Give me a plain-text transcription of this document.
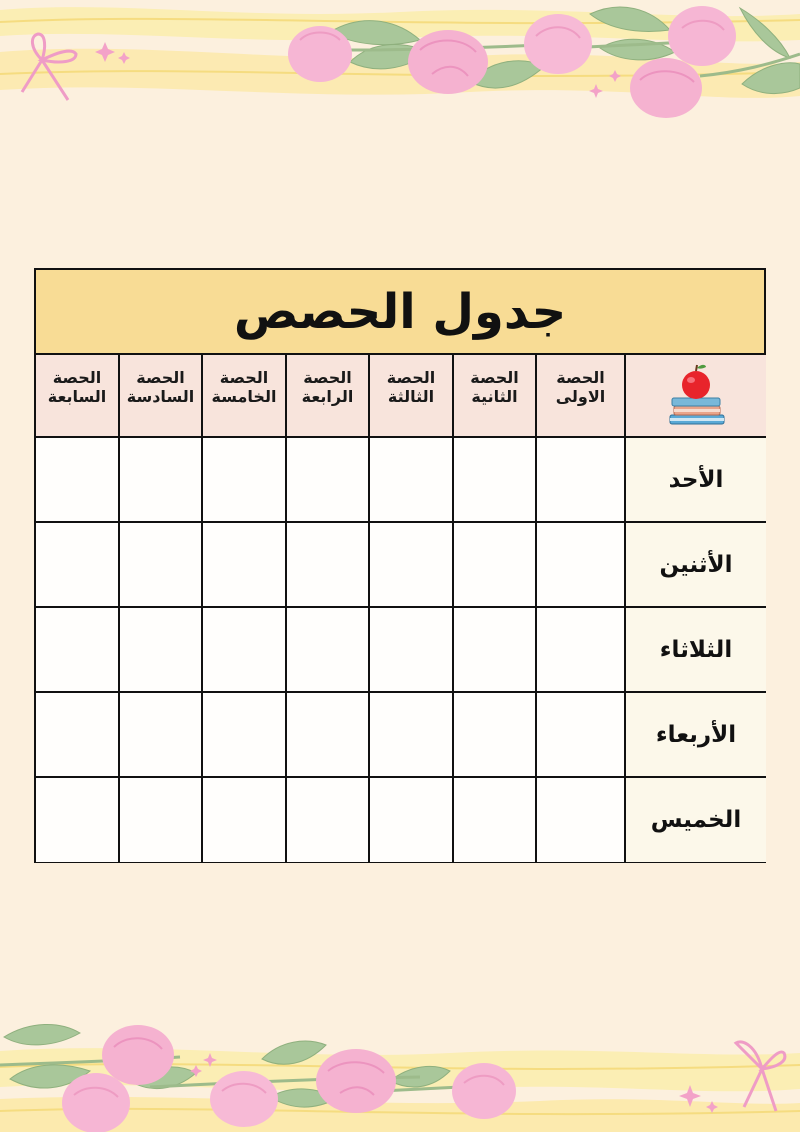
جدول الحصص
الحصة
السابعة
الحصة
السادسة
الحصة
الخامسة
الحصة
الرابعة
الحصة
الثالثة
الحصة
الثانية
الحصة
الاولى
الأحد
الأثنين
الثلاثاء
الأربعاء
الخميس
